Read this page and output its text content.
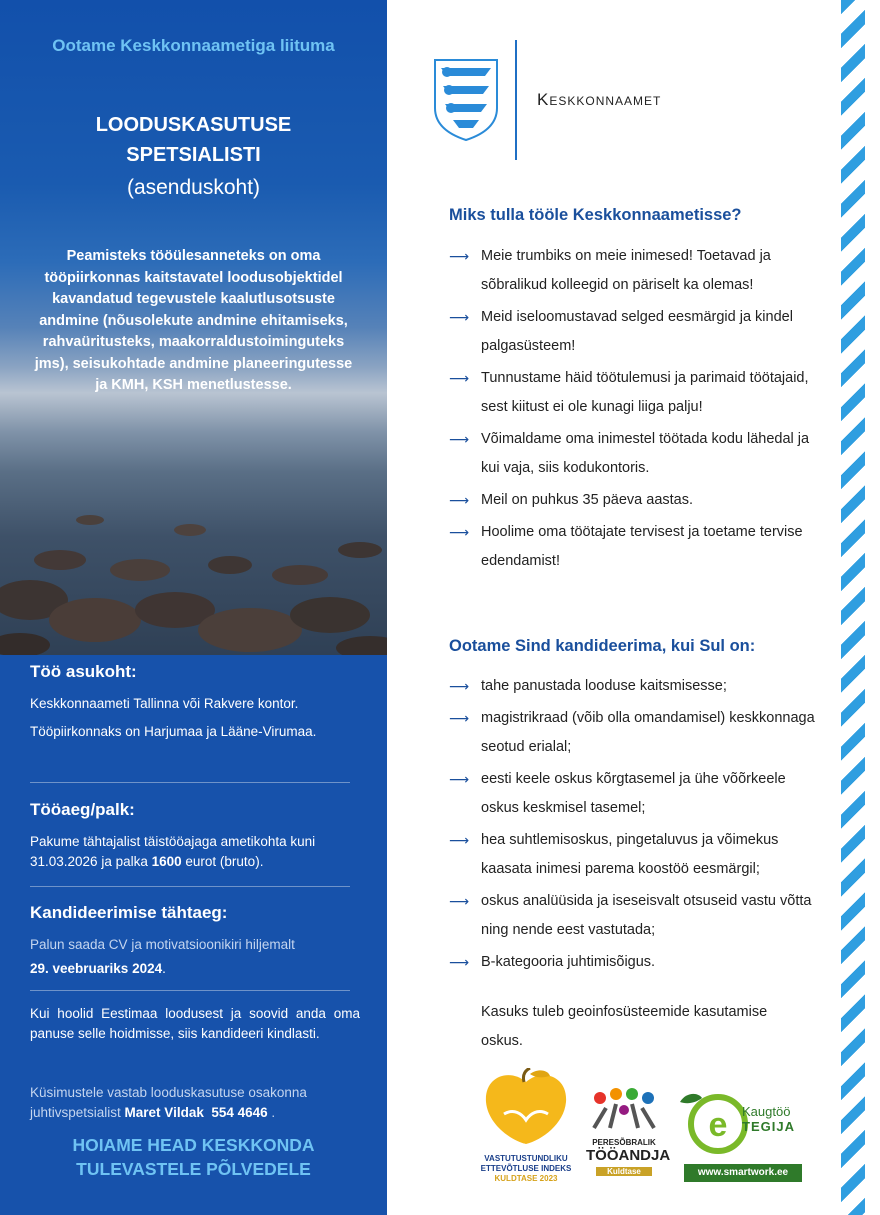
Ootame Keskkonnaametiga liituma
LOODUSKASUTUSE
SPETSIALISTI
(asenduskoht)
Peamisteks tööülesanneteks on oma tööpiirkonnas kaitstavatel loodusobjektidel kavandatud tegevustele kaalutlusotsuste andmine (nõusolekute andmine ehitamiseks, rahvaüritusteks, maakorraldustoiminguteks jms), seisukohtade andmine planeeringutesse ja KMH, KSH menetlustesse.
Töö asukoht:

Keskkonnaameti Tallinna või Rakvere kontor.

Tööpiirkonnaks on Harjumaa ja Lääne-Virumaa.

Tööaeg/palk:

Pakume tähtajalist täistööajaga ametikohta kuni 31.03.2026 ja palka 1600 eurot (bruto).

Kandideerimise tähtaeg:

Palun saada CV ja motivatsioonikiri hiljemalt

29. veebruariks 2024.

Kui hoolid Eestimaa loodusest ja soovid anda oma panuse selle hoidmisse, siis kandideeri kindlasti.
Küsimustele vastab looduskasutuse osakonna juhtivspetsialist Maret Vildak 554 4646 .
HOIAME HEAD KESKKONDA
TULEVASTELE PÕLVEDELE
Keskkonnaamet
Miks tulla tööle Keskkonnaametisse?
⟶ Meie trumbiks on meie inimesed! Toetavad ja sõbralikud kolleegid on päriselt ka olemas!
⟶ Meid iseloomustavad selged eesmärgid ja kindel palgasüsteem!
⟶ Tunnustame häid töötulemusi ja parimaid töötajaid, sest kiitust ei ole kunagi liiga palju!
⟶ Võimaldame oma inimestel töötada kodu lähedal ja kui vaja, siis kodukontoris.
⟶ Meil on puhkus 35 päeva aastas.
⟶ Hoolime oma töötajate tervisest ja toetame tervise edendamist!
Ootame Sind kandideerima, kui Sul on:
⟶ tahe panustada looduse kaitsmisesse;
⟶ magistrikraad (võib olla omandamisel) keskkonnaga seotud erialal;
⟶ eesti keele oskus kõrgtasemel ja ühe võõrkeele oskus keskmisel tasemel;
⟶ hea suhtlemisoskus, pingetaluvus ja võimekus kaasata inimesi parema koostöö eesmärgil;
⟶ oskus analüüsida ja iseseisvalt otsuseid vastu võtta ning nende eest vastutada;
⟶ B-kategooria juhtimisõigus.
Kasuks tuleb geoinfosüsteemide kasutamise oskus.
VASTUTUSTUNDLIKU
ETTEVÕTLUSE INDEKS
KULDTASE 2023
PERESÕBRALIK
TÖÖANDJA
Kuldtase
e Kaugtöö
TEGIJA
www.smartwork.ee
